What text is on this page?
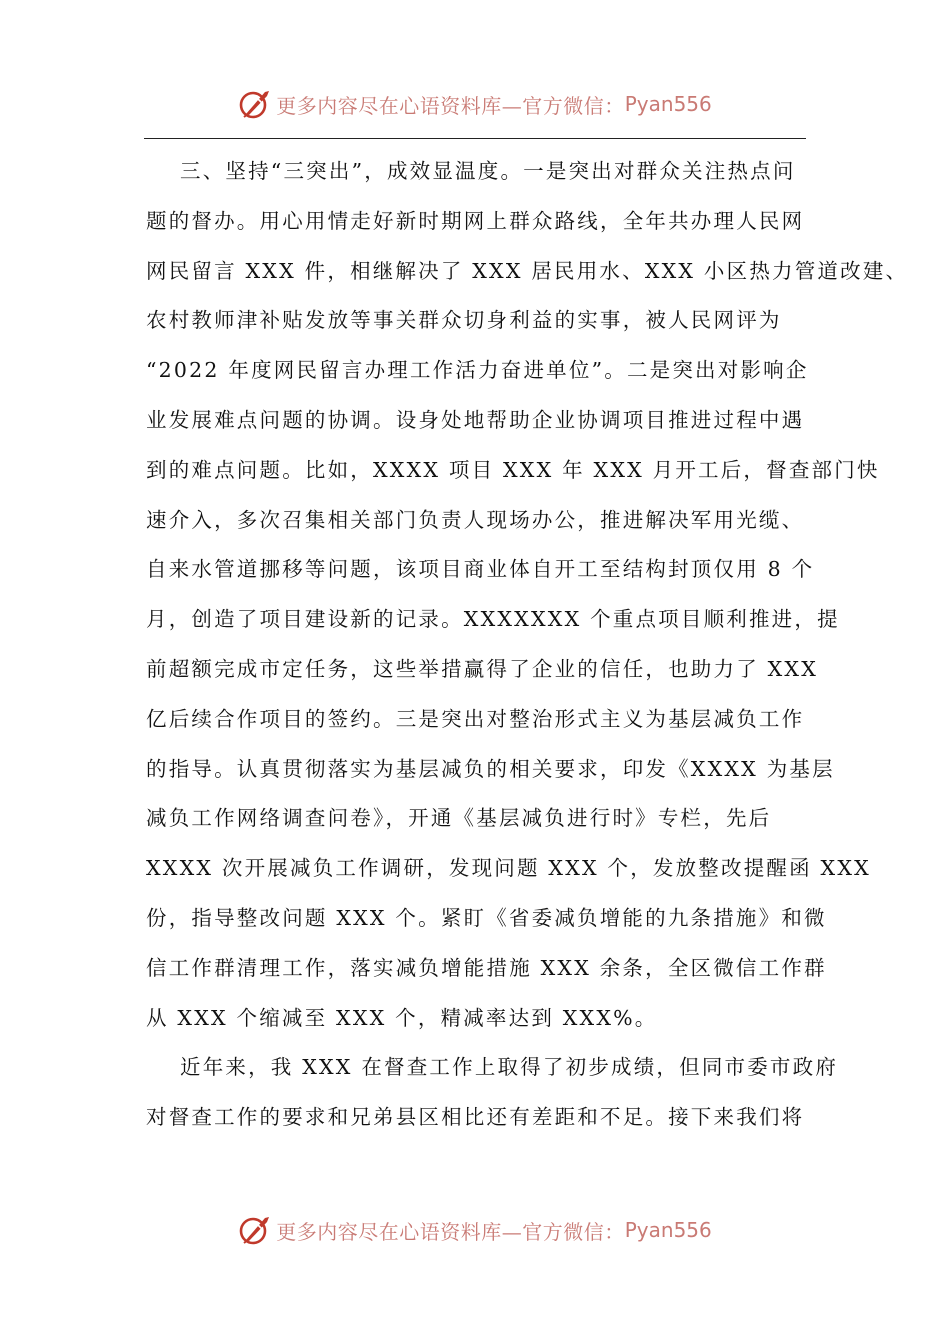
更多内容尽在心语资料库—官方微信： Pyan556
三、坚持“三突出”，成效显温度。一是突出对群众关注热点问
题的督办。用心用情走好新时期网上群众路线，全年共办理人民网
网民留言 XXX 件，相继解决了 XXX 居民用水、XXX 小区热力管道改建、
农村教师津补贴发放等事关群众切身利益的实事，被人民网评为
“2022 年度网民留言办理工作活力奋进单位”。二是突出对影响企
业发展难点问题的协调。设身处地帮助企业协调项目推进过程中遇
到的难点问题。比如，XXXX 项目 XXX 年 XXX 月开工后，督查部门快
速介入，多次召集相关部门负责人现场办公，推进解决军用光缆、
自来水管道挪移等问题，该项目商业体自开工至结构封顶仅用 8 个
月，创造了项目建设新的记录。XXXXXXX 个重点项目顺利推进，提
前超额完成市定任务，这些举措赢得了企业的信任，也助力了 XXX
亿后续合作项目的签约。三是突出对整治形式主义为基层减负工作
的指导。认真贯彻落实为基层减负的相关要求，印发《XXXX 为基层
减负工作网络调查问卷》，开通《基层减负进行时》专栏，先后
XXXX 次开展减负工作调研，发现问题 XXX 个，发放整改提醒函 XXX
份，指导整改问题 XXX 个。紧盯《省委减负增能的九条措施》和微
信工作群清理工作，落实减负增能措施 XXX 余条，全区微信工作群
从 XXX 个缩减至 XXX 个，精减率达到 XXX%。
近年来，我 XXX 在督查工作上取得了初步成绩，但同市委市政府
对督查工作的要求和兄弟县区相比还有差距和不足。接下来我们将
更多内容尽在心语资料库—官方微信： Pyan556
